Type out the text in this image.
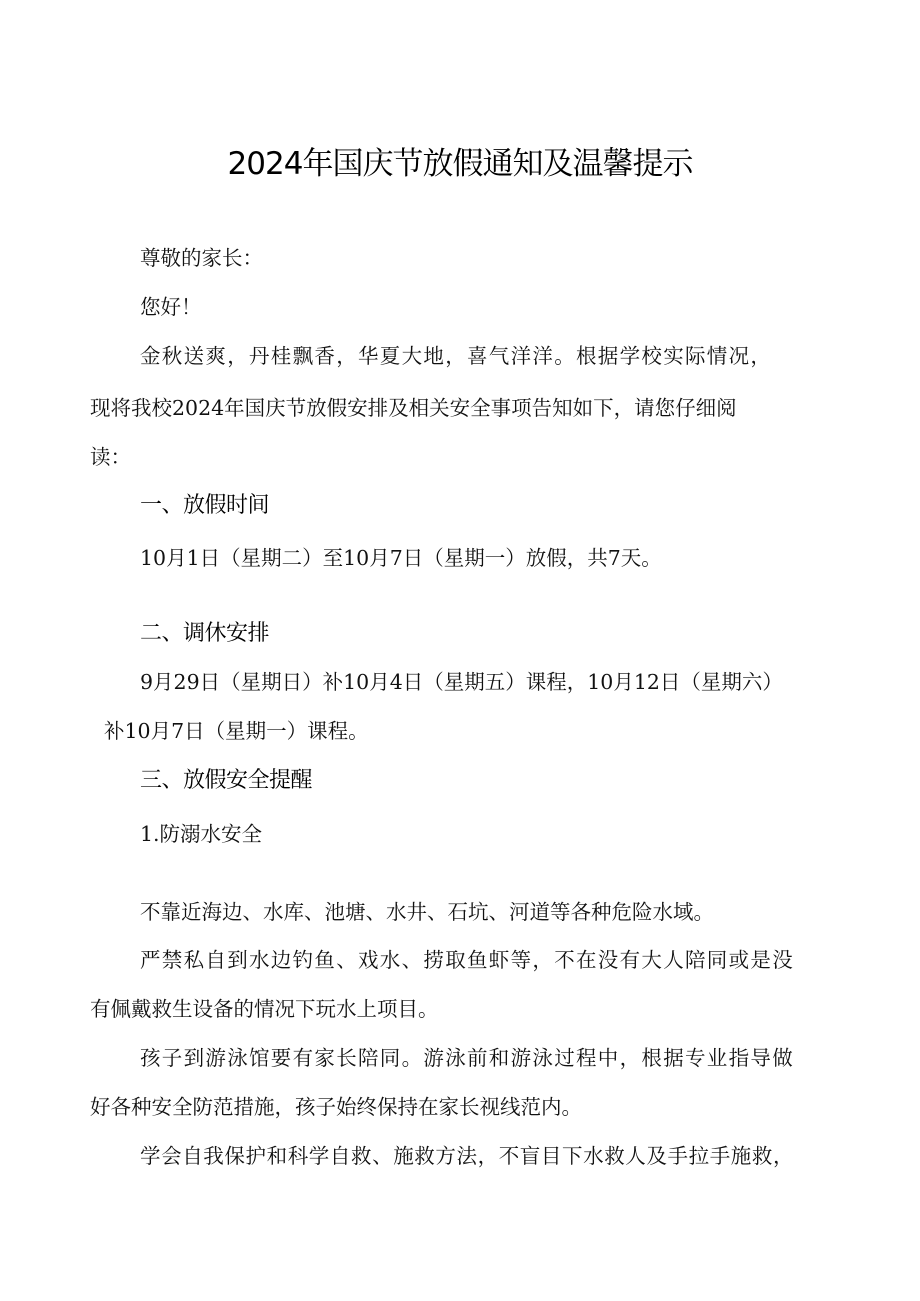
2024年国庆节放假通知及温馨提示
尊敬的家长：
您好！
金秋送爽，丹桂飘香，华夏大地，喜气洋洋。根据学校实际情况，
现将我校2024年国庆节放假安排及相关安全事项告知如下，请您仔细阅
读：
一、放假时间
10月1日（星期二）至10月7日（星期一）放假，共7天。
二、调休安排
9月29日（星期日）补10月4日（星期五）课程，10月12日（星期六）
补10月7日（星期一）课程。
三、放假安全提醒
1.防溺水安全
不靠近海边、水库、池塘、水井、石坑、河道等各种危险水域。
严禁私自到水边钓鱼、戏水、捞取鱼虾等，不在没有大人陪同或是没
有佩戴救生设备的情况下玩水上项目。
孩子到游泳馆要有家长陪同。游泳前和游泳过程中，根据专业指导做
好各种安全防范措施，孩子始终保持在家长视线范内。
学会自我保护和科学自救、施救方法，不盲目下水救人及手拉手施救，
